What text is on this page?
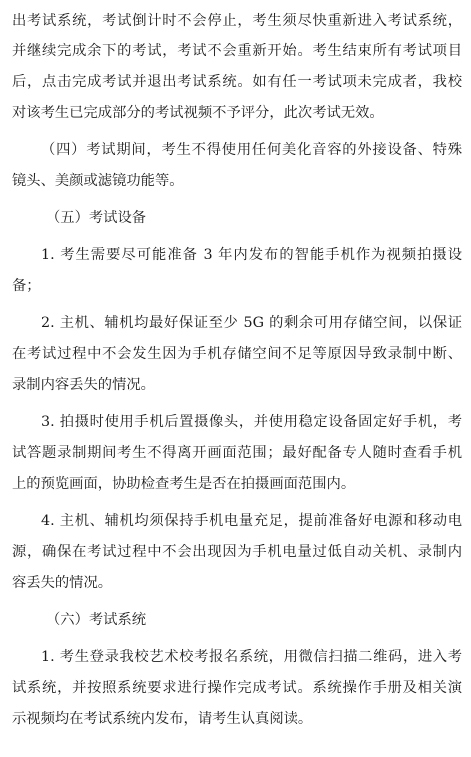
出考试系统，考试倒计时不会停止，考生须尽快重新进入考试系统，
并继续完成余下的考试，考试不会重新开始。考生结束所有考试项目
后，点击完成考试并退出考试系统。如有任一考试项未完成者，我校
对该考生已完成部分的考试视频不予评分，此次考试无效。
（四）考试期间，考生不得使用任何美化音容的外接设备、特殊
镜头、美颜或滤镜功能等。
（五）考试设备
1. 考生需要尽可能准备 3 年内发布的智能手机作为视频拍摄设
备；
2. 主机、辅机均最好保证至少 5G 的剩余可用存储空间，以保证
在考试过程中不会发生因为手机存储空间不足等原因导致录制中断、
录制内容丢失的情况。
3. 拍摄时使用手机后置摄像头，并使用稳定设备固定好手机，考
试答题录制期间考生不得离开画面范围；最好配备专人随时查看手机
上的预览画面，协助检查考生是否在拍摄画面范围内。
4. 主机、辅机均须保持手机电量充足，提前准备好电源和移动电
源，确保在考试过程中不会出现因为手机电量过低自动关机、录制内
容丢失的情况。
（六）考试系统
1. 考生登录我校艺术校考报名系统，用微信扫描二维码，进入考
试系统，并按照系统要求进行操作完成考试。系统操作手册及相关演
示视频均在考试系统内发布，请考生认真阅读。
